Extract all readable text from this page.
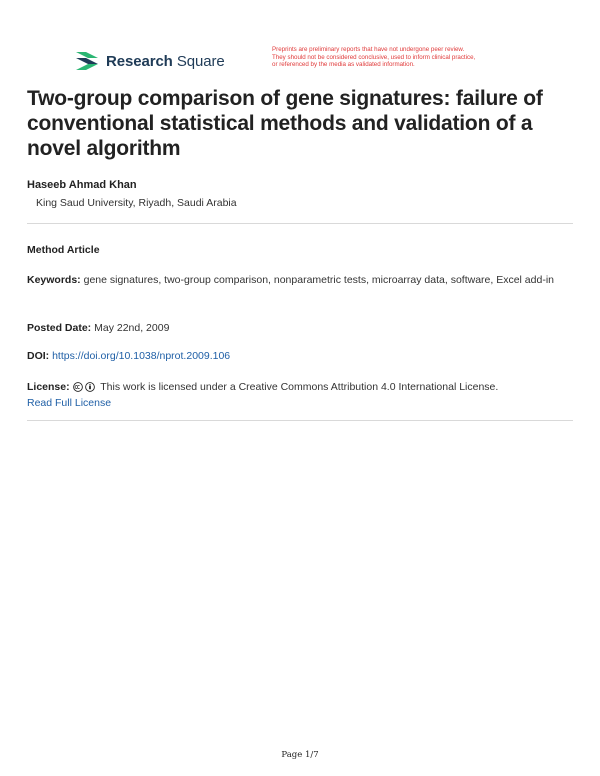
Research Square
Preprints are preliminary reports that have not undergone peer review.
They should not be considered conclusive, used to inform clinical practice,
or referenced by the media as validated information.
Two-group comparison of gene signatures: failure of conventional statistical methods and validation of a novel algorithm
Haseeb Ahmad Khan
King Saud University, Riyadh, Saudi Arabia
Method Article
Keywords: gene signatures, two-group comparison, nonparametric tests, microarray data, software, Excel add-in
Posted Date: May 22nd, 2009
DOI: https://doi.org/10.1038/nprot.2009.106
License:	This work is licensed under a Creative Commons Attribution 4.0 International License.
Read Full License
Page 1/7
